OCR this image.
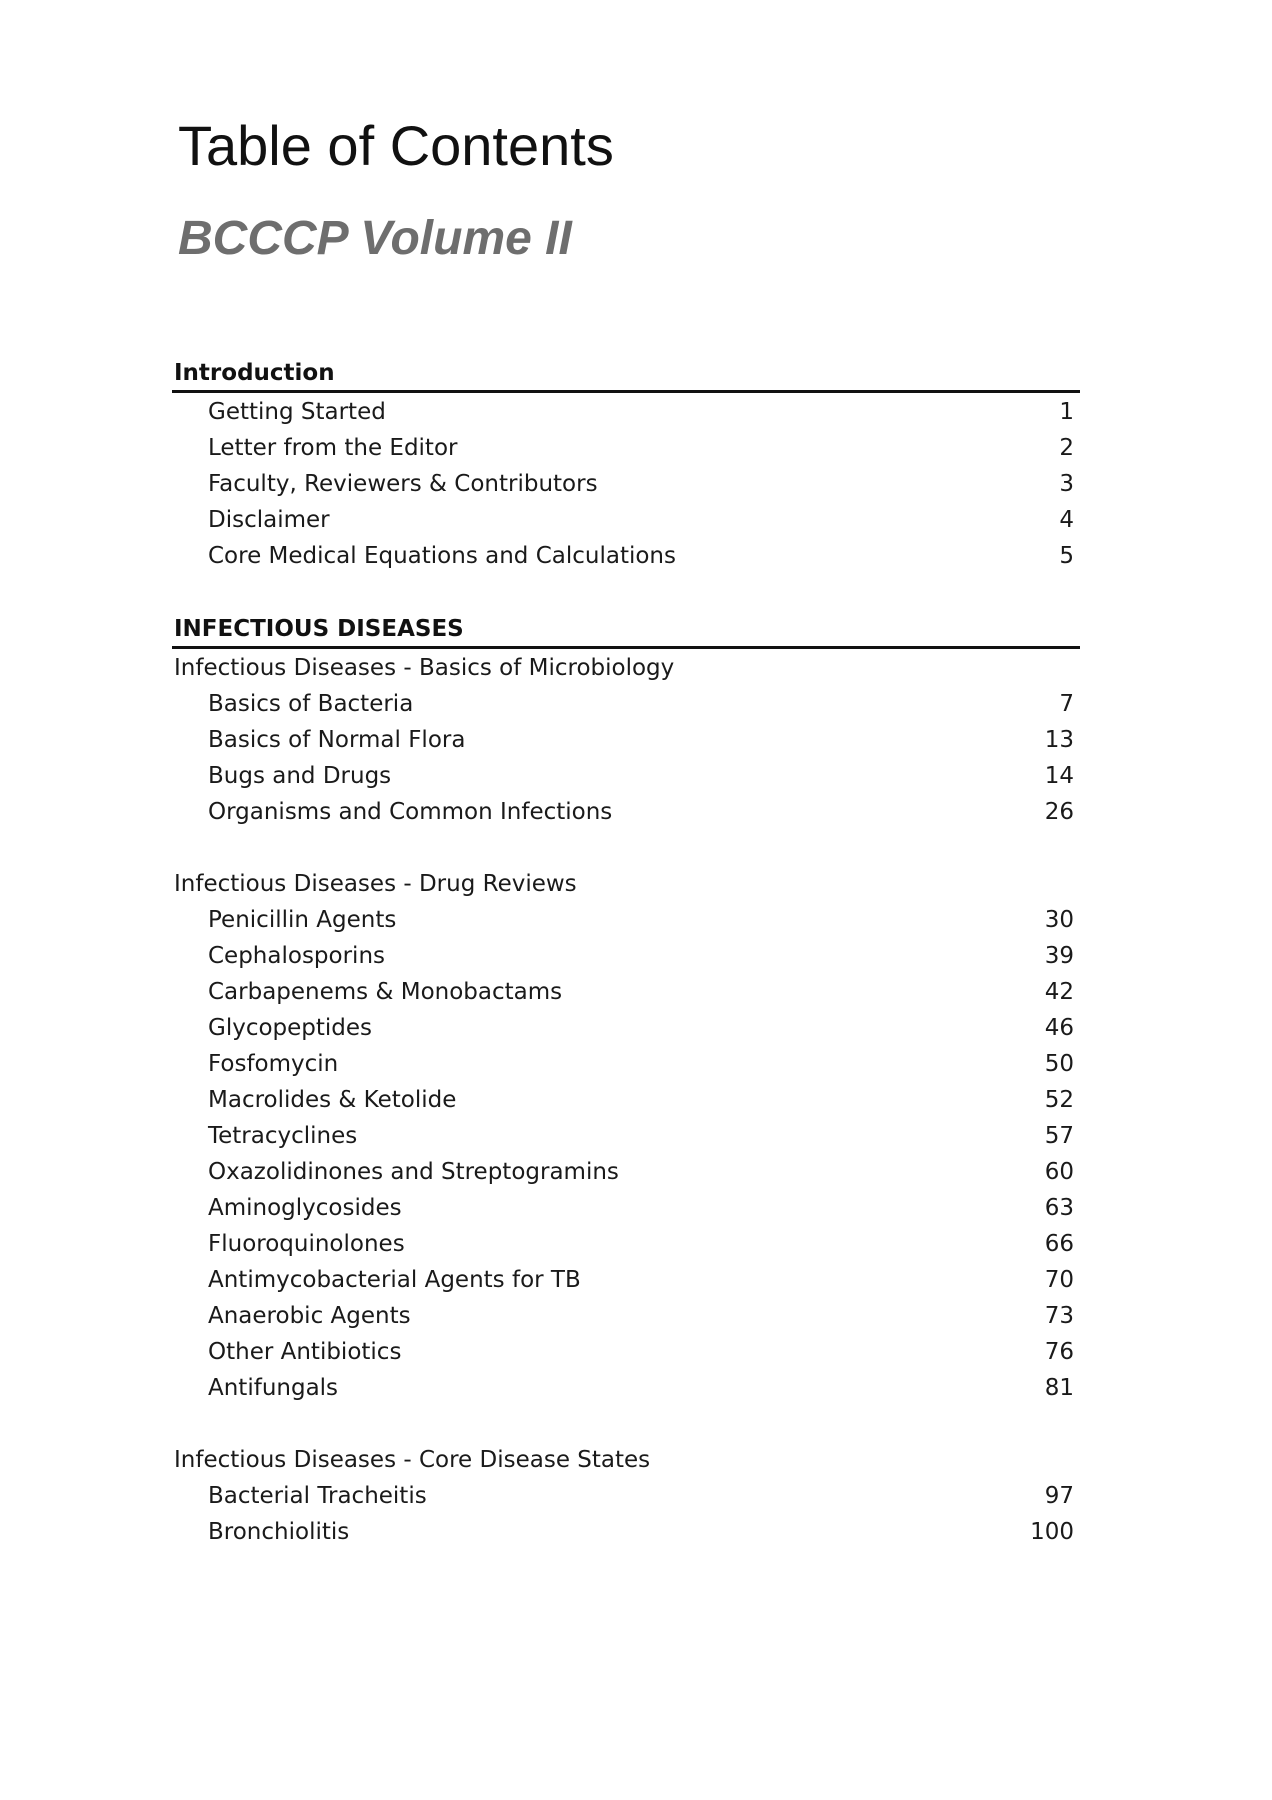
Table of Contents
BCCCP Volume II
Introduction
Getting Started	1
Letter from the Editor	2
Faculty, Reviewers & Contributors	3
Disclaimer	4
Core Medical Equations and Calculations	5
INFECTIOUS DISEASES
Infectious Diseases - Basics of Microbiology
Basics of Bacteria	7
Basics of Normal Flora	13
Bugs and Drugs	14
Organisms and Common Infections	26
Infectious Diseases - Drug Reviews
Penicillin Agents	30
Cephalosporins	39
Carbapenems & Monobactams	42
Glycopeptides	46
Fosfomycin	50
Macrolides & Ketolide	52
Tetracyclines	57
Oxazolidinones and Streptogramins	60
Aminoglycosides	63
Fluoroquinolones	66
Antimycobacterial Agents for TB	70
Anaerobic Agents	73
Other Antibiotics	76
Antifungals	81
Infectious Diseases - Core Disease States
Bacterial Tracheitis	97
Bronchiolitis	100
